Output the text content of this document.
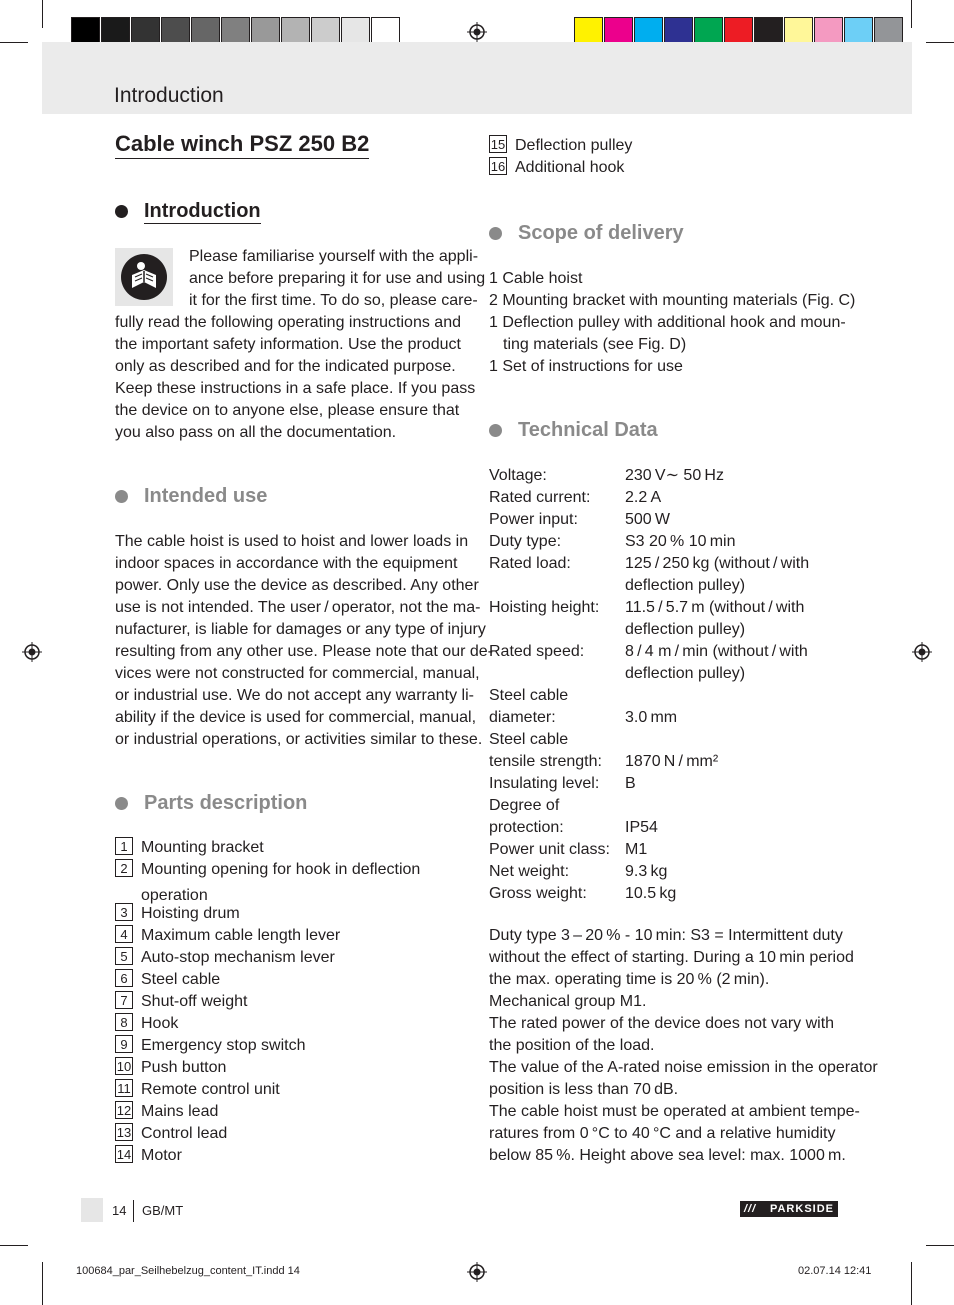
Introduction
Cable winch PSZ 250 B2
Introduction
Please familiarise yourself with the appli-
ance before preparing it for use and using
it for the first time. To do so, please care-
fully read the following operating instructions and
the important safety information. Use the product
only as described and for the indicated purpose.
Keep these instructions in a safe place. If you pass
the device on to anyone else, please ensure that
you also pass on all the documentation.
Intended use
The cable hoist is used to hoist and lower loads in
indoor spaces in accordance with the equipment
power. Only use the device as described. Any other
use is not intended. The user / operator, not the ma-
nufacturer, is liable for damages or any type of injury
resulting from any other use. Please note that our de-
vices were not constructed for commercial, manual,
or industrial use. We do not accept any warranty li-
ability if the device is used for commercial, manual,
or industrial operations, or activities similar to these.
Parts description
1 Mounting bracket
2 Mounting opening for hook in deflection
operation
3 Hoisting drum
4 Maximum cable length lever
5 Auto-stop mechanism lever
6 Steel cable
7 Shut-off weight
8 Hook
9 Emergency stop switch
10 Push button
11 Remote control unit
12 Mains lead
13 Control lead
14 Motor
15 Deflection pulley
16 Additional hook
Scope of delivery
1 Cable hoist
2 Mounting bracket with mounting materials (Fig. C)
1 Deflection pulley with additional hook and moun-
ting materials (see Fig. D)
1 Set of instructions for use
Technical Data
Voltage:	230 V∼ 50 Hz
Rated current: 2.2 A
Power input:	500 W
Duty type:	S3 20 % 10 min
Rated load:	125 / 250 kg (without / with
deflection pulley)
Hoisting height: 11.5 / 5.7 m (without / with
deflection pulley)
Rated speed:	8 / 4 m / min (without / with
deflection pulley)
Steel cable
diameter:	3.0 mm
Steel cable
tensile strength: 1870 N / mm²
Insulating level: B
Degree of
protection:	IP54
Power unit class: M1
Net weight:	9.3 kg
Gross weight: 10.5 kg
Duty type 3 – 20 % - 10 min: S3 = Intermittent duty
without the effect of starting. During a 10 min period
the max. operating time is 20 % (2 min).
Mechanical group M1.
The rated power of the device does not vary with
the position of the load.
The value of the A-rated noise emission in the operator
position is less than 70 dB.
The cable hoist must be operated at ambient tempe-
ratures from 0 °C to 40 °C and a relative humidity
below 85 %. Height above sea level: max. 1000 m.
14 GB/MT	/// PARKSIDE
100684_par_Seilhebelzug_content_IT.indd 14	02.07.14 12:41
